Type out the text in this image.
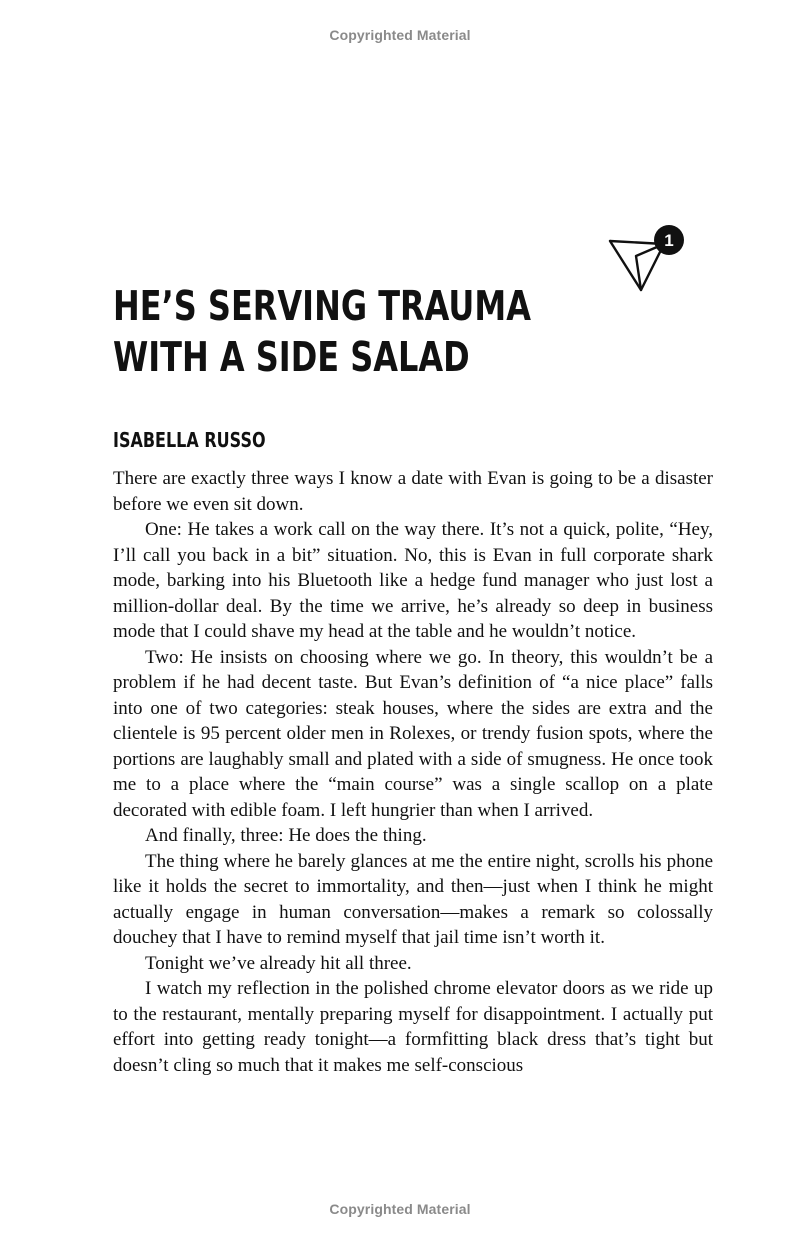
Copyrighted Material
1
HE’S SERVING TRAUMA
WITH A SIDE SALAD
ISABELLA RUSSO

There are exactly three ways I know a date with Evan is going to be a disaster before we even sit down.

One: He takes a work call on the way there. It’s not a quick, polite, “Hey, I’ll call you back in a bit” situation. No, this is Evan in full corporate shark mode, barking into his Bluetooth like a hedge fund manager who just lost a million-dollar deal. By the time we arrive, he’s already so deep in business mode that I could shave my head at the table and he wouldn’t notice.

Two: He insists on choosing where we go. In theory, this wouldn’t be a problem if he had decent taste. But Evan’s definition of “a nice place” falls into one of two categories: steak houses, where the sides are extra and the clientele is 95 percent older men in Rolexes, or trendy fusion spots, where the portions are laughably small and plated with a side of smugness. He once took me to a place where the “main course” was a single scallop on a plate decorated with edible foam. I left hungrier than when I arrived.

And finally, three: He does the thing.

The thing where he barely glances at me the entire night, scrolls his phone like it holds the secret to immortality, and then—just when I think he might actually engage in human conversation—makes a remark so colossally douchey that I have to remind myself that jail time isn’t worth it.

Tonight we’ve already hit all three.

I watch my reflection in the polished chrome elevator doors as we ride up to the restaurant, mentally preparing myself for disappointment. I actually put effort into getting ready tonight—a formfitting black dress that’s tight but doesn’t cling so much that it makes me self-conscious

Copyrighted Material
